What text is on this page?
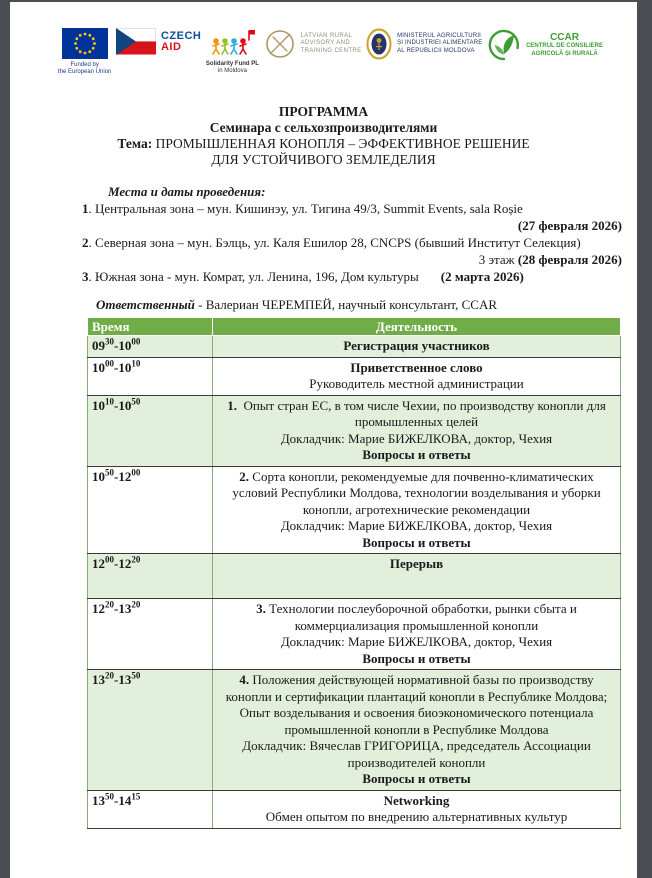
Funded by
the European Union
CZECH
AID
Solidarity Fund PL
in Moldova
LATVIAN RURAL
ADVISORY AND
TRAINING CENTRE
MINISTERUL AGRICULTURII
ȘI INDUSTRIEI ALIMENTARE
AL REPUBLICII MOLDOVA
CCAR
CENTRUL DE CONSILIERE
AGRICOLĂ ȘI RURALĂ
ПРОГРАММА
Семинара с сельхозпроизводителями
Тема: ПРОМЫШЛЕННАЯ КОНОПЛЯ – ЭФФЕКТИВНОЕ РЕШЕНИЕ
ДЛЯ УСТОЙЧИВОГО ЗЕМЛЕДЕЛИЯ
Места и даты проведения:
1. Центральная зона – мун. Кишинэу, ул. Тигина 49/3, Summit Events, sala Roșie
(27 февраля 2026)
2. Северная зона – мун. Бэлць, ул. Каля Ешилор 28, CNCPS (бывший Институт Селекция)
3 этаж (28 февраля 2026)
3. Южная зона - мун. Комрат, ул. Ленина, 196, Дом культуры (2 марта 2026)
Ответственный - Валериан ЧЕРЕМПЕЙ, научный консультант, CCAR
Время	Деятельность
$09^{30}-10^{00}$	Регистрация участников

$10^{00}-10^{10}$	Приветственное слово
Руководитель местной администрации

$10^{10}-10^{50}$	1.  Опыт стран ЕС, в том числе Чехии, по производству конопли для промышленных целей
Докладчик: Марие БИЖЕЛКОВА, доктор, Чехия
Вопросы и ответы

$10^{50}-12^{00}$	2. Сорта конопли, рекомендуемые для почвенно-климатических условий Республики Молдова, технологии возделывания и уборки конопли, агротехнические рекомендации
Докладчик: Марие БИЖЕЛКОВА, доктор, Чехия
Вопросы и ответы

$12^{00}-12^{20}$	Перерыв

$12^{20}-13^{20}$	3. Технологии послеуборочной обработки, рынки сбыта и коммерциализация промышленной конопли
Докладчик: Марие БИЖЕЛКОВА, доктор, Чехия
Вопросы и ответы

$13^{20}-13^{50}$	4. Положения действующей нормативной базы по производству конопли и сертификации плантаций конопли в Республике Молдова;
Опыт возделывания и освоения биоэкономического потенциала промышленной конопли в Республике Молдова
Докладчик: Вячеслав ГРИГОРИЦА, председатель Ассоциации производителей конопли
Вопросы и ответы

$13^{50}-14^{15}$	Networking
Обмен опытом по внедрению альтернативных культур
